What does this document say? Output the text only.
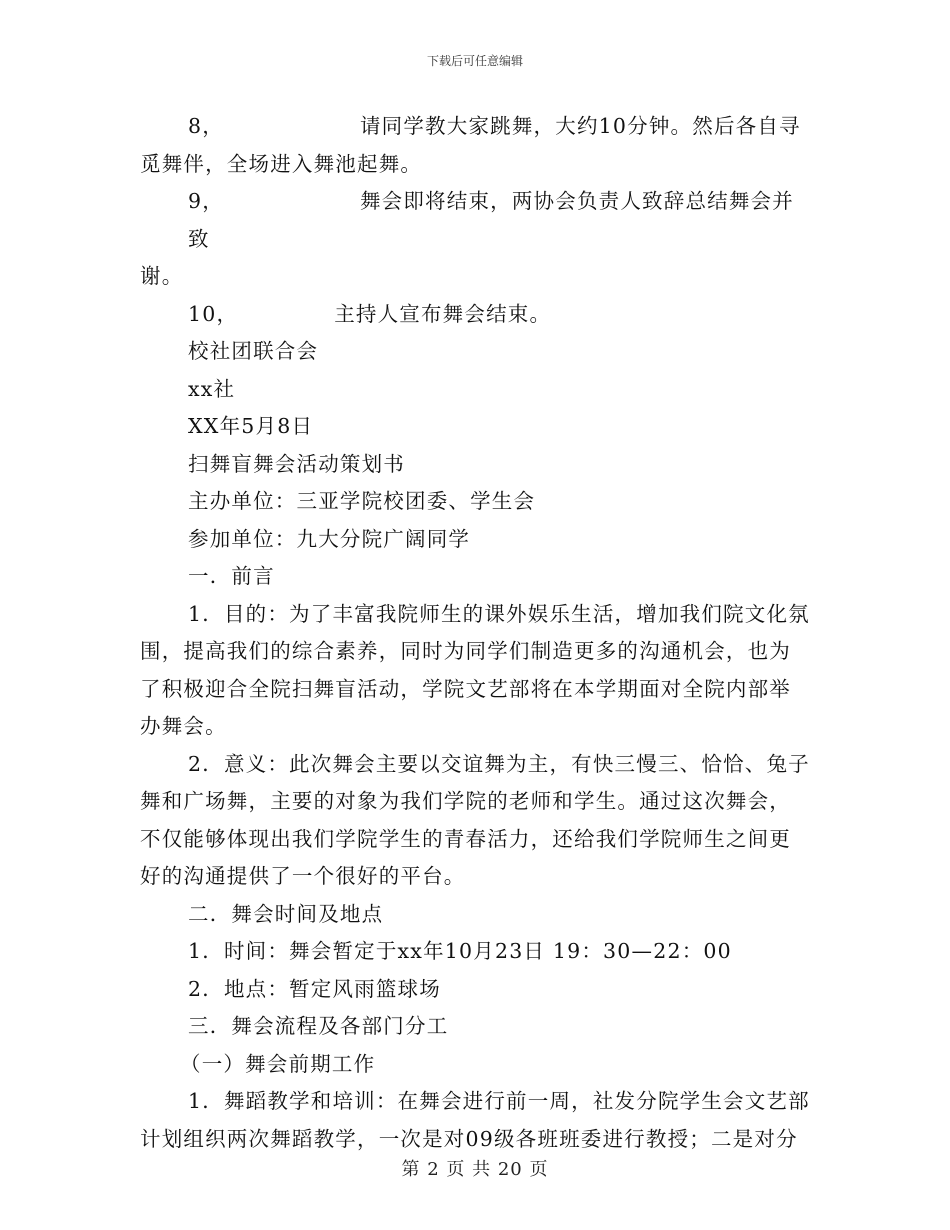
下载后可任意编辑

8，	请同学教大家跳舞，大约10分钟。然后各自寻

觅舞伴，全场进入舞池起舞。

9，	舞会即将结束，两协会负责人致辞总结舞会并致

谢。

10，	主持人宣布舞会结束。

校社团联合会

xx社

XX年5月8日

扫舞盲舞会活动策划书

主办单位：三亚学院校团委、学生会

参加单位：九大分院广阔同学

一．前言

1．目的：为了丰富我院师生的课外娱乐生活，增加我们院文化氛围，提高我们的综合素养，同时为同学们制造更多的沟通机会，也为了积极迎合全院扫舞盲活动，学院文艺部将在本学期面对全院内部举办舞会。

2．意义：此次舞会主要以交谊舞为主，有快三慢三、恰恰、兔子舞和广场舞，主要的对象为我们学院的老师和学生。通过这次舞会，不仅能够体现出我们学院学生的青春活力，还给我们学院师生之间更好的沟通提供了一个很好的平台。

二．舞会时间及地点

1．时间：舞会暂定于xx年10月23日 19：30—22：00

2．地点：暂定风雨篮球场

三．舞会流程及各部门分工

（一）舞会前期工作

1．舞蹈教学和培训：在舞会进行前一周，社发分院学生会文艺部计划组织两次舞蹈教学，一次是对09级各班班委进行教授；二是对分

第 2 页 共 20 页
